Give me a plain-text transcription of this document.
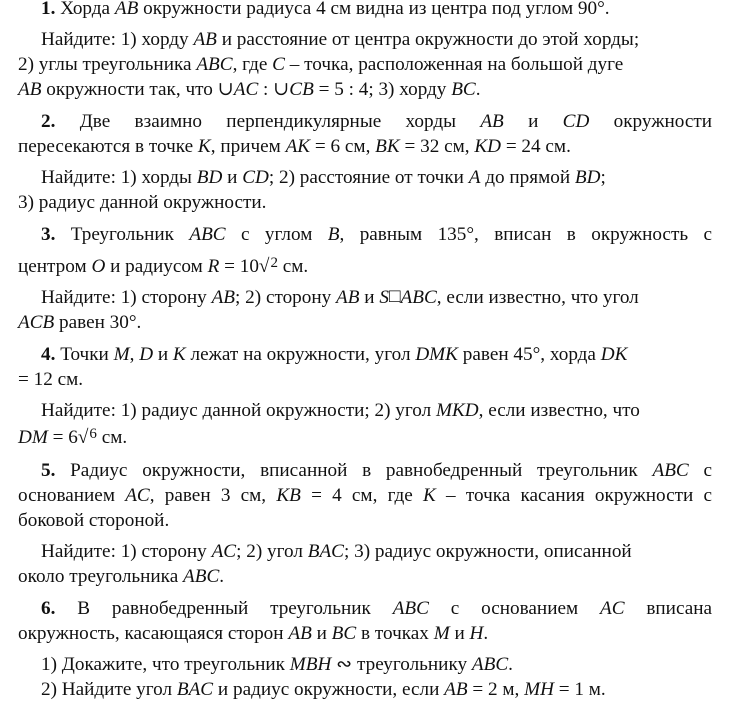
1. Хорда AB окружности радиуса 4 см видна из центра под углом 90°.
Найдите: 1) хорду AB и расстояние от центра окружности до этой хорды;
2) углы треугольника ABC, где C – точка, расположенная на большой дуге
AB окружности так, что ∪AC : ∪CB = 5 : 4; 3) хорду BC.
2. Две взаимно перпендикулярные хорды AB и CD окружности
пересекаются в точке K, причем AK = 6 см, BK = 32 см, KD = 24 см.
Найдите: 1) хорды BD и CD; 2) расстояние от точки A до прямой BD;
3) радиус данной окружности.
3. Треугольник ABC с углом B, равным 135°, вписан в окружность с
центром O и радиусом R = 10√$^2$ см.
Найдите: 1) сторону AB; 2) сторону AB и S□ABC, если известно, что угол
ACB равен 30°.
4. Точки M, D и K лежат на окружности, угол DMK равен 45°, хорда DK
= 12 см.
Найдите: 1) радиус данной окружности; 2) угол MKD, если известно, что
DM = 6√$^6$ см.
5. Радиус окружности, вписанной в равнобедренный треугольник ABC с
основанием AC, равен 3 см, KB = 4 см, где K – точка касания окружности с
боковой стороной.
Найдите: 1) сторону AC; 2) угол BAC; 3) радиус окружности, описанной
около треугольника ABC.
6. В равнобедренный треугольник ABC с основанием AC вписана
окружность, касающаяся сторон AB и BC в точках M и H.
1) Докажите, что треугольник MBH ∾ треугольнику ABC.
2) Найдите угол BAC и радиус окружности, если AB = 2 м, MH = 1 м.
